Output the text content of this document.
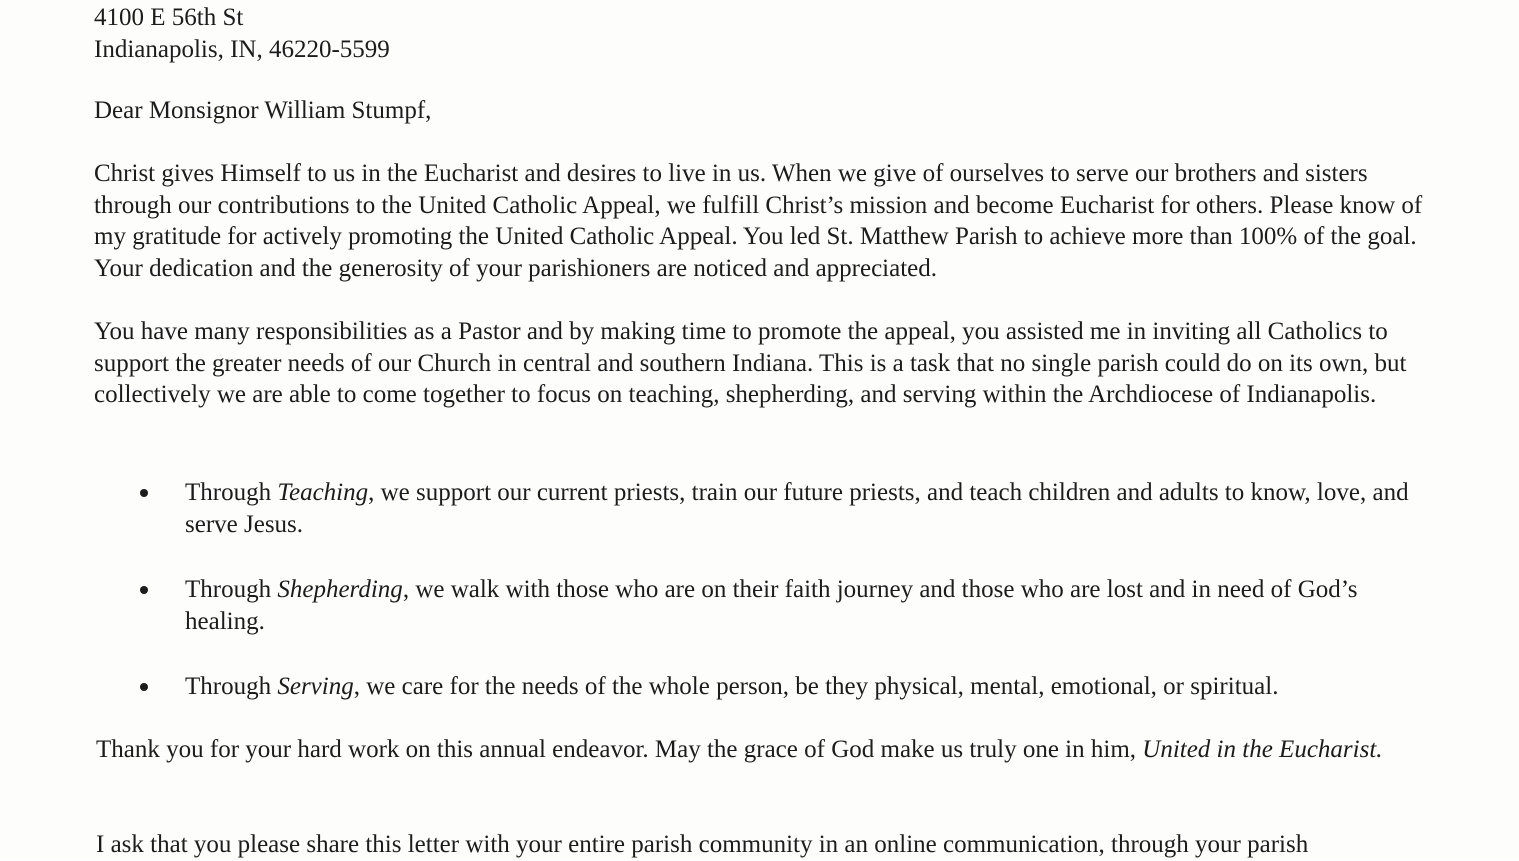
4100 E 56th St
Indianapolis, IN, 46220-5599
Dear Monsignor William Stumpf,

Christ gives Himself to us in the Eucharist and desires to live in us. When we give of ourselves to serve our brothers and sisters through our contributions to the United Catholic Appeal, we fulfill Christ’s mission and become Eucharist for others. Please know of my gratitude for actively promoting the United Catholic Appeal. You led St. Matthew Parish to achieve more than 100% of the goal. Your dedication and the generosity of your parishioners are noticed and appreciated.

You have many responsibilities as a Pastor and by making time to promote the appeal, you assisted me in inviting all Catholics to support the greater needs of our Church in central and southern Indiana. This is a task that no single parish could do on its own, but collectively we are able to come together to focus on teaching, shepherding, and serving within the Archdiocese of Indianapolis.

Through Teaching, we support our current priests, train our future priests, and teach children and adults to know, love, and serve Jesus.
Through Shepherding, we walk with those who are on their faith journey and those who are lost and in need of God’s healing.
Through Serving, we care for the needs of the whole person, be they physical, mental, emotional, or spiritual.

Thank you for your hard work on this annual endeavor. May the grace of God make us truly one in him, United in the Eucharist.

I ask that you please share this letter with your entire parish community in an online communication, through your parish
